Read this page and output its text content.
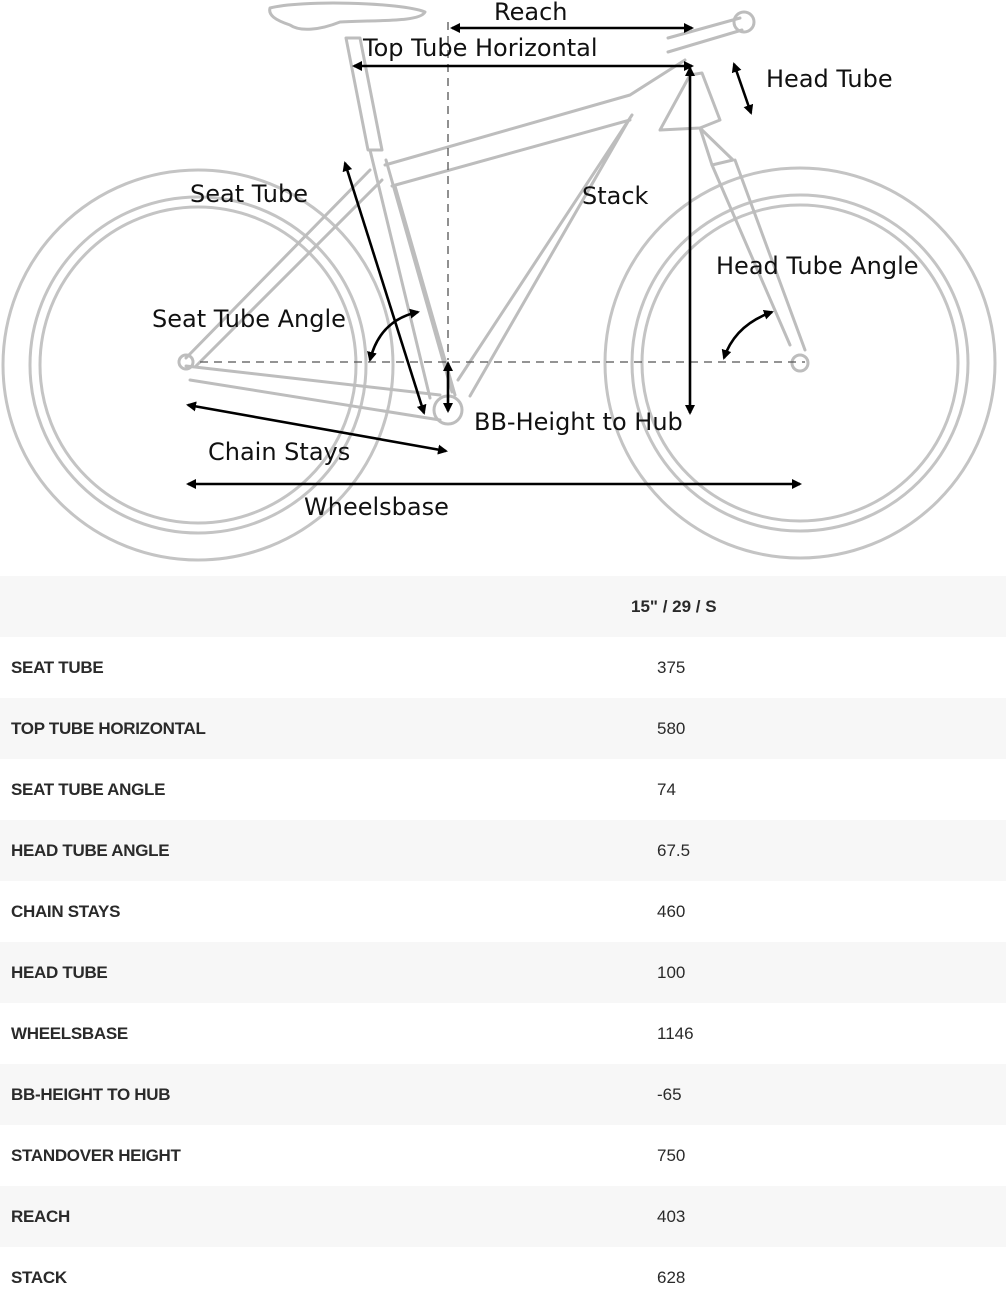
Reach
Top Tube Horizontal
Head Tube
Seat Tube	Stack
Head Tube Angle
Seat Tube Angle
BB-Height to Hub
Chain Stays
Wheelsbase
	15" / 29 / S
SEAT TUBE	375
TOP TUBE HORIZONTAL	580
SEAT TUBE ANGLE	74
HEAD TUBE ANGLE	67.5
CHAIN STAYS	460
HEAD TUBE	100
WHEELSBASE	1146
BB-HEIGHT TO HUB	-65
STANDOVER HEIGHT	750
REACH	403
STACK	628
